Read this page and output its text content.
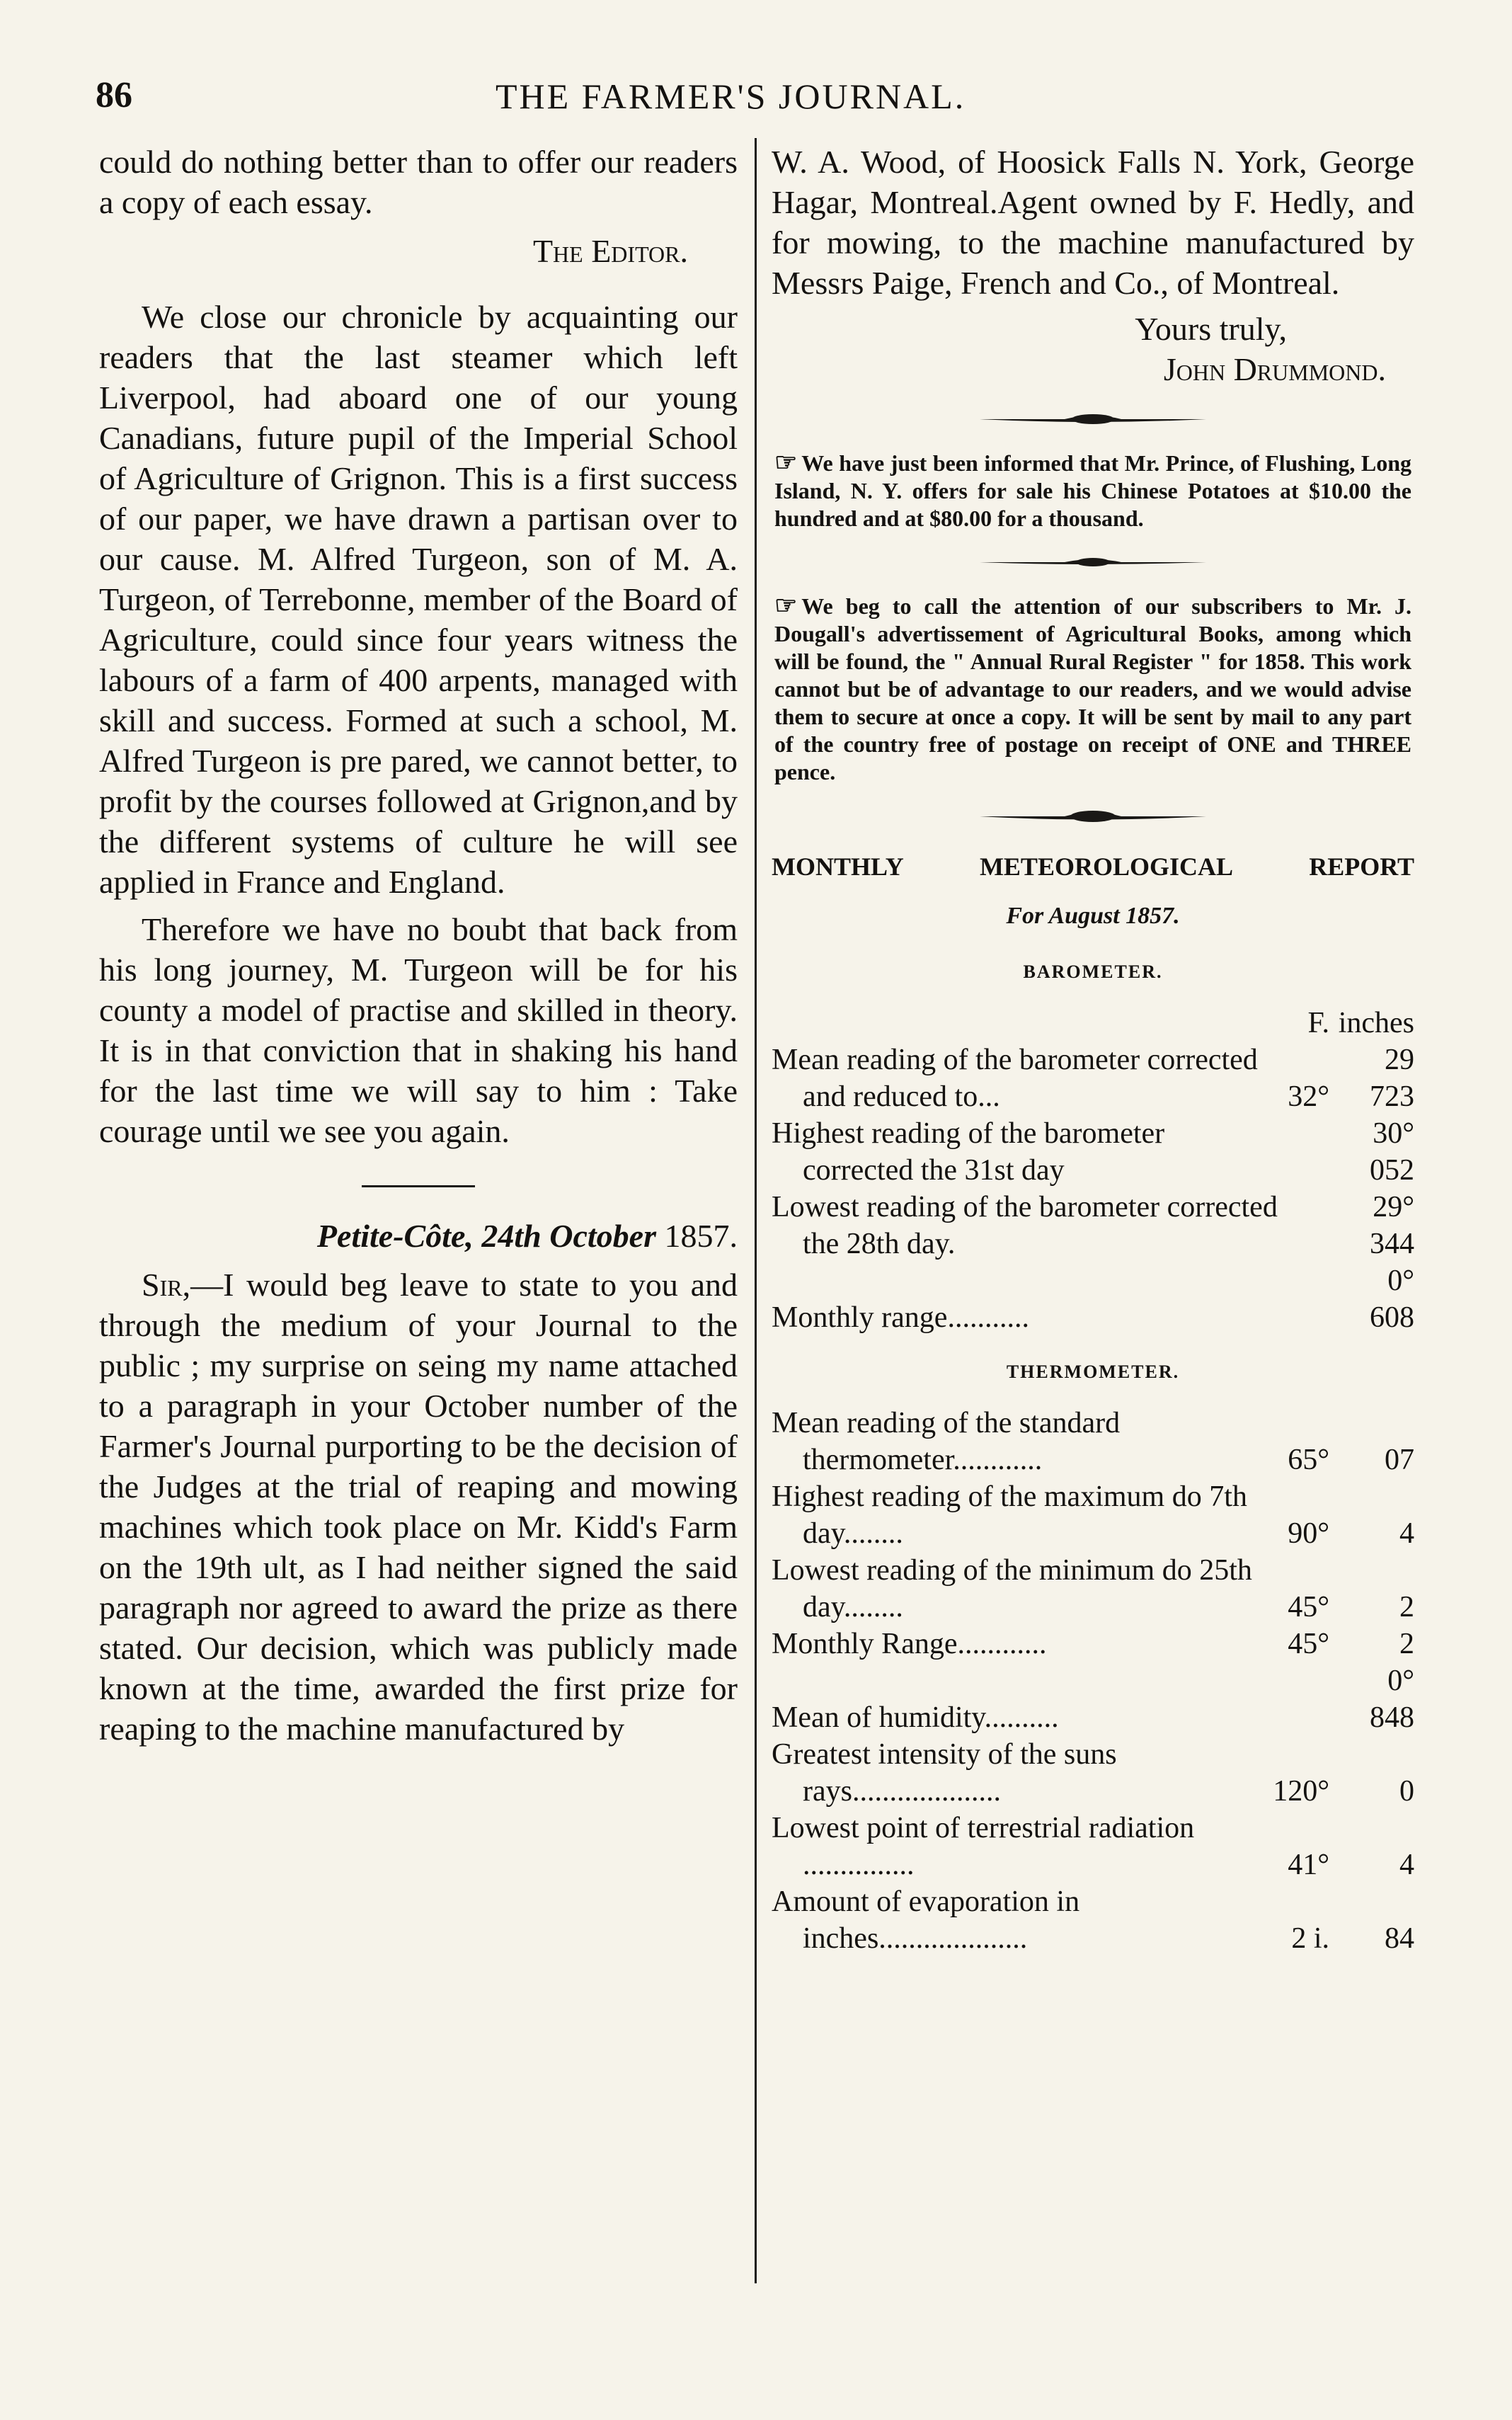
86	THE FARMER'S JOURNAL.

could do nothing better than to offer our readers a copy of each essay.

The Editor.

We close our chronicle by acquainting our readers that the last steamer which left Liverpool, had aboard one of our young Canadians, future pupil of the Imperial School of Agriculture of Grignon. This is a first success of our paper, we have drawn a partisan over to our cause. M. Alfred Turgeon, son of M. A. Turgeon, of Terrebonne, member of the Board of Agriculture, could since four years witness the labours of a farm of 400 arpents, managed with skill and success. Formed at such a school, M. Alfred Turgeon is pre pared, we cannot better, to profit by the courses followed at Grignon,and by the different systems of culture he will see applied in France and England.

Therefore we have no boubt that back from his long journey, M. Turgeon will be for his county a model of practise and skilled in theory. It is in that conviction that in shaking his hand for the last time we will say to him : Take courage until we see you again.

Petite-Côte, 24th October 1857.

Sir,—I would beg leave to state to you and through the medium of your Journal to the public ; my surprise on seing my name attached to a paragraph in your October number of the Farmer's Journal purporting to be the decision of the Judges at the trial of reaping and mowing machines which took place on Mr. Kidd's Farm on the 19th ult, as I had neither signed the said paragraph nor agreed to award the prize as there stated. Our decision, which was publicly made known at the time, awarded the first prize for reaping to the machine manufactured by

W. A. Wood, of Hoosick Falls N. York, George Hagar, Montreal.Agent owned by F. Hedly, and for mowing, to the machine manufactured by Messrs Paige, French and Co., of Montreal.

Yours truly,

John Drummond.

☞ We have just been informed that Mr. Prince, of Flushing, Long Island, N. Y. offers for sale his Chinese Potatoes at $10.00 the hundred and at $80.00 for a thousand.

☞ We beg to call the attention of our subscribers to Mr. J. Dougall's advertissement of Agricultural Books, among which will be found, the " Annual Rural Register " for 1858. This work cannot but be of advantage to our readers, and we would advise them to secure at once a copy. It will be sent by mail to any part of the country free of postage on receipt of ONE and THREE pence.

MONTHLY	METEOROLOGICAL	REPORT
For August 1857.
BAROMETER.
	F.	inches
Mean reading of the barometer corrected and reduced to...	32°	29 723
Highest reading of the barometer corrected the 31st day		30° 052
Lowest reading of the barometer corrected the 28th day.		29° 344
Monthly range...........		0° 608
THERMOMETER.
Mean reading of the standard thermometer............	65°	07
Highest reading of the maximum do 7th day........	90°	4
Lowest reading of the minimum do 25th day........	45°	2
Monthly Range............	45°	2
Mean of humidity..........		0° 848
Greatest intensity of the suns rays....................	120°	0
Lowest point of terrestrial radiation ...............	41°	4
Amount of evaporation in inches....................	2 i.	84
